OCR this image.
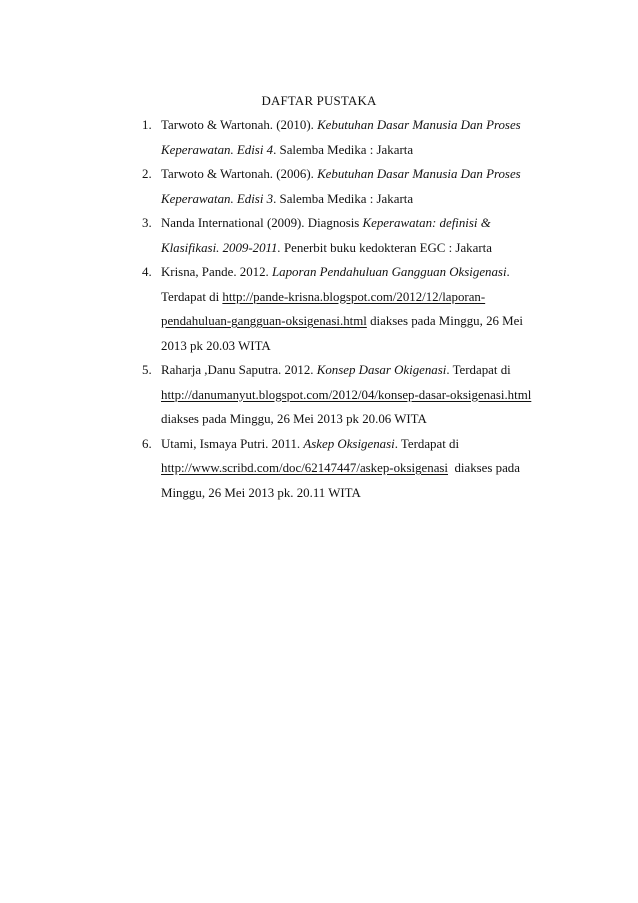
DAFTAR PUSTAKA
1. Tarwoto & Wartonah. (2010). Kebutuhan Dasar Manusia Dan Proses
Keperawatan. Edisi 4. Salemba Medika : Jakarta
2. Tarwoto & Wartonah. (2006). Kebutuhan Dasar Manusia Dan Proses
Keperawatan. Edisi 3. Salemba Medika : Jakarta
3. Nanda International (2009). Diagnosis Keperawatan: definisi &
Klasifikasi. 2009-2011. Penerbit buku kedokteran EGC : Jakarta
4. Krisna, Pande. 2012. Laporan Pendahuluan Gangguan Oksigenasi.
Terdapat di http://pande-krisna.blogspot.com/2012/12/laporan-
pendahuluan-gangguan-oksigenasi.html diakses pada Minggu, 26 Mei
2013 pk 20.03 WITA
5. Raharja ,Danu Saputra. 2012. Konsep Dasar Okigenasi. Terdapat di
http://danumanyut.blogspot.com/2012/04/konsep-dasar-oksigenasi.html
diakses pada Minggu, 26 Mei 2013 pk 20.06 WITA
6. Utami, Ismaya Putri. 2011. Askep Oksigenasi. Terdapat di
http://www.scribd.com/doc/62147447/askep-oksigenasi  diakses pada
Minggu, 26 Mei 2013 pk. 20.11 WITA
